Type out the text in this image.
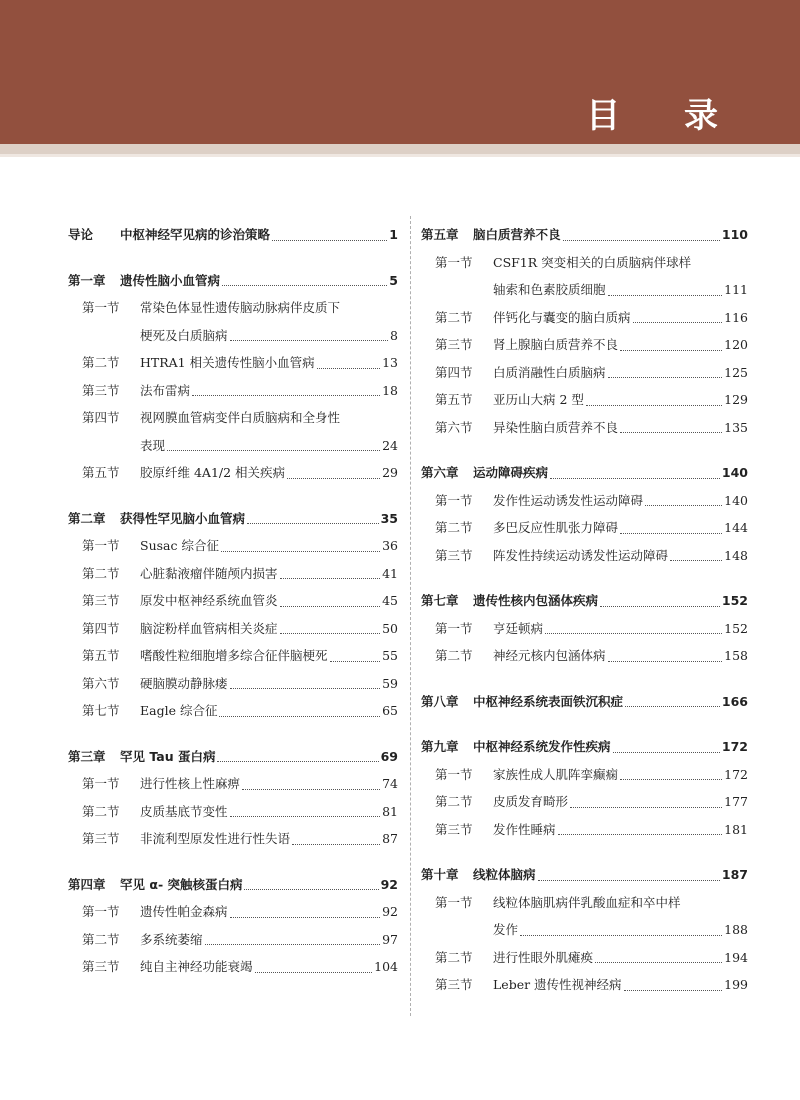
目 录
导论	中枢神经罕见病的诊治策略	1
第一章	遗传性脑小血管病	5
第一节	常染色体显性遗传脑动脉病伴皮质下
梗死及白质脑病	8
第二节	HTRA1 相关遗传性脑小血管病	13
第三节	法布雷病	18
第四节	视网膜血管病变伴白质脑病和全身性
表现	24
第五节	胶原纤维 4A1/2 相关疾病	29
第二章	获得性罕见脑小血管病	35
第一节	Susac 综合征	36
第二节	心脏黏液瘤伴随颅内损害	41
第三节	原发中枢神经系统血管炎	45
第四节	脑淀粉样血管病相关炎症	50
第五节	嗜酸性粒细胞增多综合征伴脑梗死	55
第六节	硬脑膜动静脉瘘	59
第七节	Eagle 综合征	65
第三章	罕见 Tau 蛋白病	69
第一节	进行性核上性麻痹	74
第二节	皮质基底节变性	81
第三节	非流利型原发性进行性失语	87
第四章	罕见 α- 突触核蛋白病	92
第一节	遗传性帕金森病	92
第二节	多系统萎缩	97
第三节	纯自主神经功能衰竭	104
第五章	脑白质营养不良	110
第一节	CSF1R 突变相关的白质脑病伴球样
轴索和色素胶质细胞	111
第二节	伴钙化与囊变的脑白质病	116
第三节	肾上腺脑白质营养不良	120
第四节	白质消融性白质脑病	125
第五节	亚历山大病 2 型	129
第六节	异染性脑白质营养不良	135
第六章	运动障碍疾病	140
第一节	发作性运动诱发性运动障碍	140
第二节	多巴反应性肌张力障碍	144
第三节	阵发性持续运动诱发性运动障碍	148
第七章	遗传性核内包涵体疾病	152
第一节	亨廷顿病	152
第二节	神经元核内包涵体病	158
第八章	中枢神经系统表面铁沉积症	166
第九章	中枢神经系统发作性疾病	172
第一节	家族性成人肌阵挛癫痫	172
第二节	皮质发育畸形	177
第三节	发作性睡病	181
第十章	线粒体脑病	187
第一节	线粒体脑肌病伴乳酸血症和卒中样
发作	188
第二节	进行性眼外肌瘫痪	194
第三节	Leber 遗传性视神经病	199
